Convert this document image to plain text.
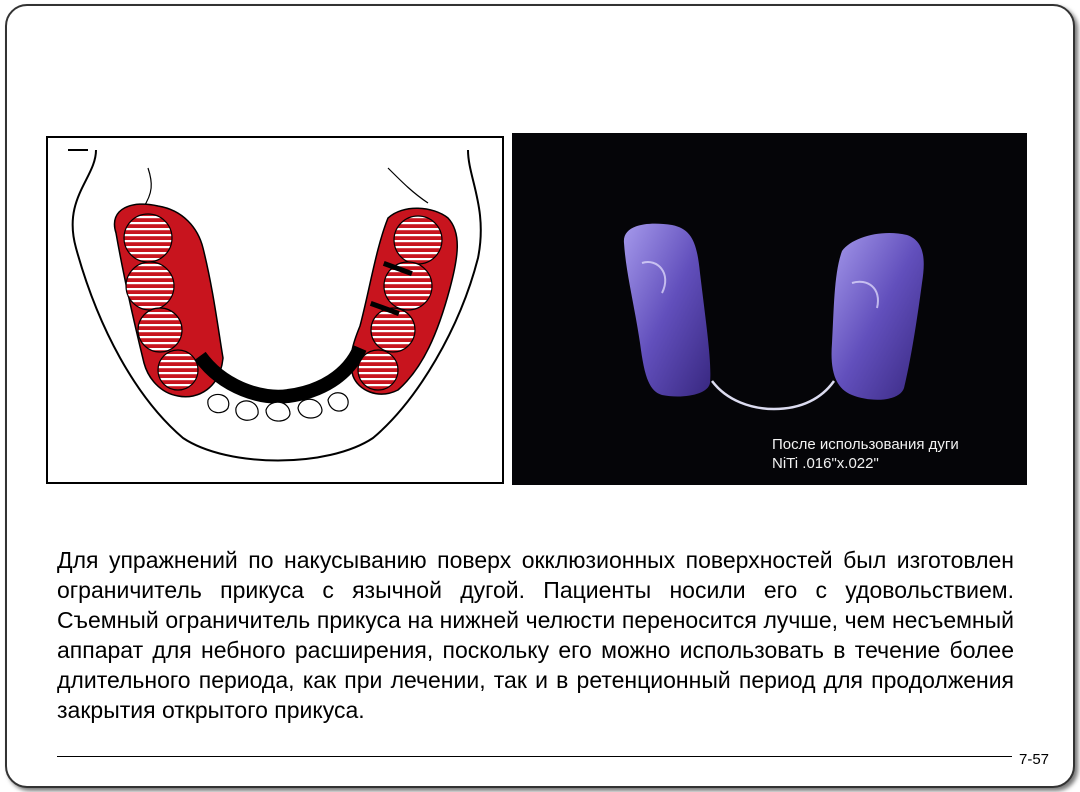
После использования дуги
NiTi .016"x.022"
Для упражнений по накусыванию поверх окклюзионных поверхностей был изготовлен ограничитель прикуса с язычной дугой. Пациенты носили его с удовольствием. Съемный ограничитель прикуса на нижней челюсти переносится лучше, чем несъемный аппарат для небного расширения, поскольку его можно использовать в течение более длительного периода, как при лечении, так и в ретенционный период для продолжения закрытия открытого прикуса.
7-57
